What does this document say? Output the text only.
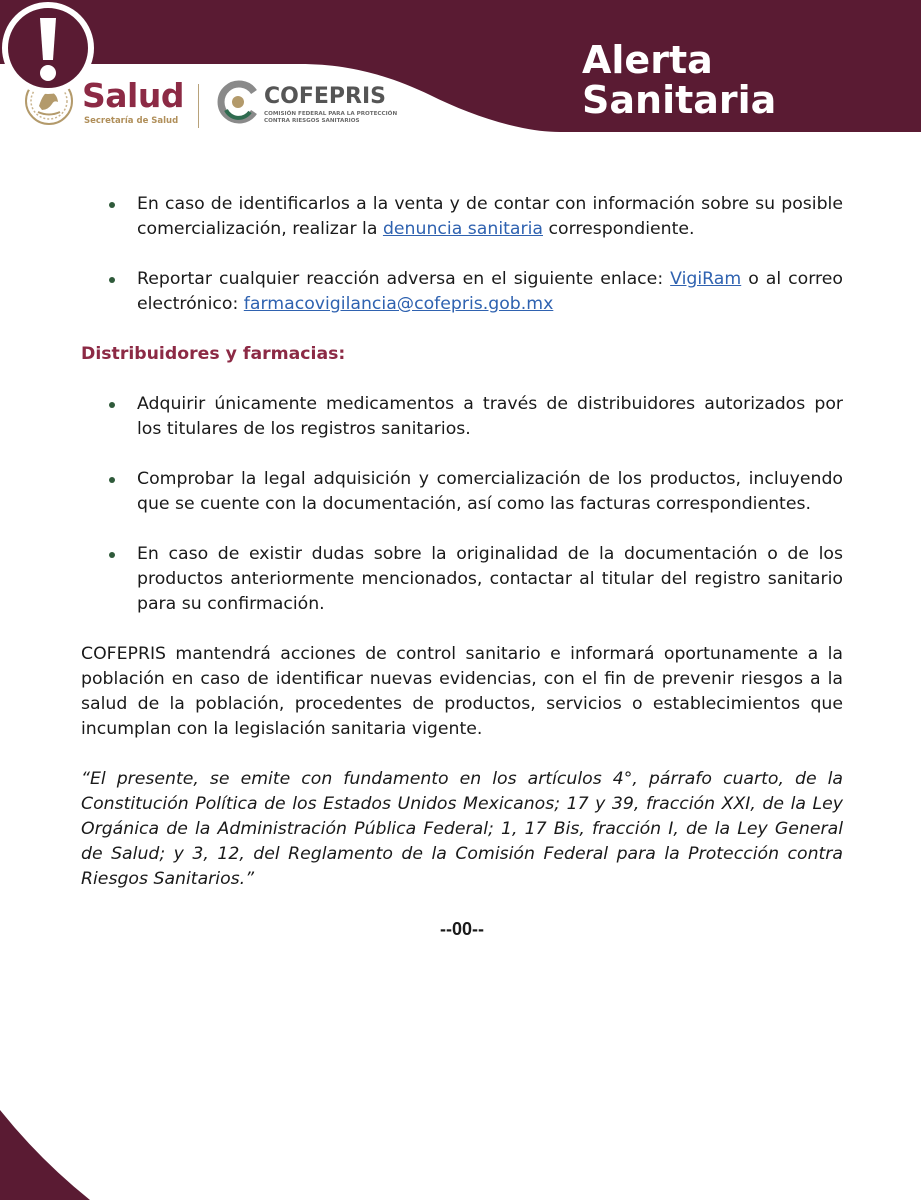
Salud
Secretaría de Salud
COFEPRIS
COMISIÓN FEDERAL PARA LA PROTECCIÓN CONTRA RIESGOS SANITARIOS
Alerta
Sanitaria
En caso de identificarlos a la venta y de contar con información sobre su posible comercialización, realizar la denuncia sanitaria correspondiente.
Reportar cualquier reacción adversa en el siguiente enlace: VigiRam o al correo electrónico: farmacovigilancia@cofepris.gob.mx
Distribuidores y farmacias:
Adquirir únicamente medicamentos a través de distribuidores autorizados por los titulares de los registros sanitarios.
Comprobar la legal adquisición y comercialización de los productos, incluyendo que se cuente con la documentación, así como las facturas correspondientes.
En caso de existir dudas sobre la originalidad de la documentación o de los productos anteriormente mencionados, contactar al titular del registro sanitario para su confirmación.
COFEPRIS mantendrá acciones de control sanitario e informará oportunamente a la población en caso de identificar nuevas evidencias, con el fin de prevenir riesgos a la salud de la población, procedentes de productos, servicios o establecimientos que incumplan con la legislación sanitaria vigente.
“El presente, se emite con fundamento en los artículos 4°, párrafo cuarto, de la Constitución Política de los Estados Unidos Mexicanos; 17 y 39, fracción XXI, de la Ley Orgánica de la Administración Pública Federal; 1, 17 Bis, fracción I, de la Ley General de Salud; y 3, 12, del Reglamento de la Comisión Federal para la Protección contra Riesgos Sanitarios.”
--00--
